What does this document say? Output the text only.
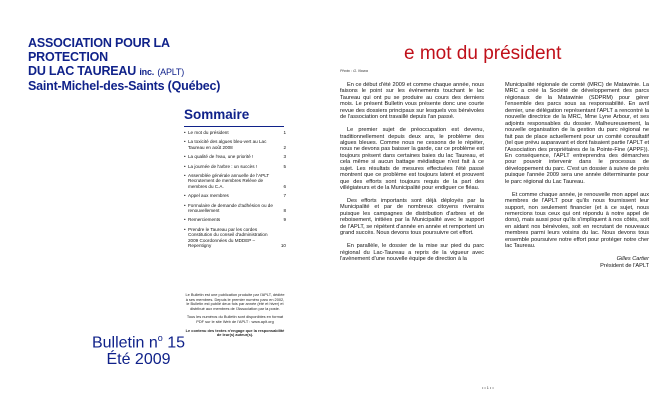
ASSOCIATION POUR LA PROTECTION
DU LAC TAUREAU inc. (APLT)
Saint-Michel-des-Saints (Québec)
Sommaire
• Le mot du président	1
• La toxicité des algues bleu-vert au Lac Taureau en août 2008	2
• La qualité de l'eau, une priorité !	3
• La journée de l'arbre : un succès !	5
• Assemblée générale annuelle de l'APLT Recrutement de membres Relève de membres du C.A.	6
• Appel aux membres	7
• Formulaire de demande d'adhésion ou de renouvellement	8
• Remerciements	9
• Prendre le Taureau par les cordes Constitution du conseil d'administration 2009 Coordonnées du MDDEP – Repentigny	10

Le Bulletin est une publication produite par l'APLT, dédiée à ses membres. Depuis le premier numéro paru en 2002, le Bulletin est publié deux fois par année (été et hiver) et distribué aux membres de l'Association par la poste.

Tous les numéros du Bulletin sont disponibles en format PDF sur le site Web de l'APLT : www.aplt.org

Le contenu des textes n'engage que la responsabilité de leur(s) auteur(s).

Bulletin $n^o$ 15
Été 2009
e mot du président
Photo : G. Nowa

En ce début d'été 2009 et comme chaque année, nous faisons le point sur les événements touchant le lac Taureau qui ont pu se produire au cours des derniers mois. Le présent Bulletin vous présente donc une courte revue des dossiers principaux sur lesquels vos bénévoles de l'association ont travaillé depuis l'an passé.

Le premier sujet de préoccupation est devenu, traditionnellement depuis deux ans, le problème des algues bleues. Comme nous ne cessons de le répéter, nous ne devons pas baisser la garde, car ce problème est toujours présent dans certaines baies du lac Taureau, et cela même si aucun battage médiatique n'est fait à ce sujet. Les résultats de mesures effectuées l'été passé montrent que ce problème est toujours latent et prouvent que des efforts sont toujours requis de la part des villégiateurs et de la Municipalité pour endiguer ce fléau.

Des efforts importants sont déjà déployés par la Municipalité et par de nombreux citoyens riverains puisque les campagnes de distribution d'arbres et de reboisement, initiées par la Municipalité avec le support de l'APLT, se répètent d'année en année et remportent un grand succès. Nous devons tous poursuivre cet effort.

En parallèle, le dossier de la mise sur pied du parc régional du Lac-Taureau a repris de la vigueur avec l'avènement d'une nouvelle équipe de direction à la

Municipalité régionale de comté (MRC) de Matawinie. La MRC a créé la Société de développement des parcs régionaux de la Matawinie (SDPRM) pour gérer l'ensemble des parcs sous sa responsabilité. En avril dernier, une délégation représentant l'APLT a rencontré la nouvelle directrice de la MRC, Mme Lyne Arbour, et ses adjoints responsables du dossier. Malheureusement, la nouvelle organisation de la gestion du parc régional ne fait pas de place actuellement pour un comité consultatif (tel que prévu auparavant et dont faisaient partie l'APLT et l'Association des propriétaires de la Pointe-Fine (APPF)). En conséquence, l'APLT entreprendra des démarches pour pouvoir intervenir dans le processus de développement du parc. C'est un dossier à suivre de près puisque l'année 2009 sera une année déterminante pour le parc régional du Lac Taureau.

Et comme chaque année, je renouvelle mon appel aux membres de l'APLT pour qu'ils nous fournissent leur support, non seulement financier (et à ce sujet, nous remercions tous ceux qui ont répondu à notre appel de dons), mais aussi pour qu'ils s'impliquent à nos côtés, soit en aidant nos bénévoles, soit en recrutant de nouveaux membres parmi leurs voisins du lac. Nous devons tous ensemble poursuivre notre effort pour protéger notre cher lac Taureau.

Gilles Cartier

Président de l'APLT

• • 1 • •
